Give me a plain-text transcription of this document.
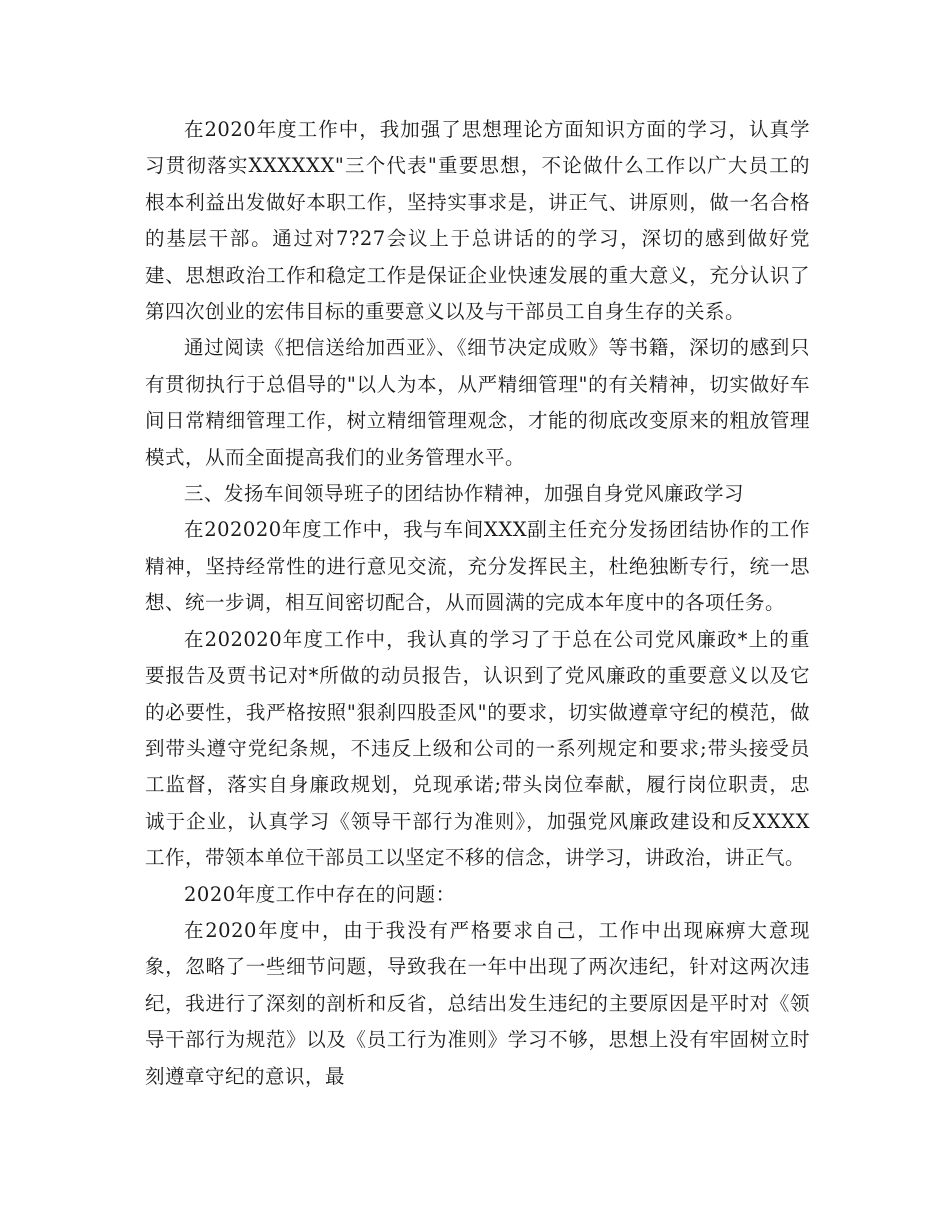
在2020年度工作中，我加强了思想理论方面知识方面的学习，认真学习贯彻落实XXXXXX"三个代表"重要思想，不论做什么工作以广大员工的根本利益出发做好本职工作，坚持实事求是，讲正气、讲原则，做一名合格的基层干部。通过对7?27会议上于总讲话的的学习，深切的感到做好党建、思想政治工作和稳定工作是保证企业快速发展的重大意义，充分认识了第四次创业的宏伟目标的重要意义以及与干部员工自身生存的关系。

通过阅读《把信送给加西亚》、《细节决定成败》等书籍，深切的感到只有贯彻执行于总倡导的"以人为本，从严精细管理"的有关精神，切实做好车间日常精细管理工作，树立精细管理观念，才能的彻底改变原来的粗放管理模式，从而全面提高我们的业务管理水平。

三、发扬车间领导班子的团结协作精神，加强自身党风廉政学习

在202020年度工作中，我与车间XXX副主任充分发扬团结协作的工作精神，坚持经常性的进行意见交流，充分发挥民主，杜绝独断专行，统一思想、统一步调，相互间密切配合，从而圆满的完成本年度中的各项任务。

在202020年度工作中，我认真的学习了于总在公司党风廉政*上的重要报告及贾书记对*所做的动员报告，认识到了党风廉政的重要意义以及它的必要性，我严格按照"狠刹四股歪风"的要求，切实做遵章守纪的模范，做到带头遵守党纪条规，不违反上级和公司的一系列规定和要求;带头接受员工监督，落实自身廉政规划，兑现承诺;带头岗位奉献，履行岗位职责，忠诚于企业，认真学习《领导干部行为准则》，加强党风廉政建设和反XXXX工作，带领本单位干部员工以坚定不移的信念，讲学习，讲政治，讲正气。

2020年度工作中存在的问题：

在2020年度中，由于我没有严格要求自己，工作中出现麻痹大意现象，忽略了一些细节问题，导致我在一年中出现了两次违纪，针对这两次违纪，我进行了深刻的剖析和反省，总结出发生违纪的主要原因是平时对《领导干部行为规范》以及《员工行为准则》学习不够，思想上没有牢固树立时刻遵章守纪的意识，最
